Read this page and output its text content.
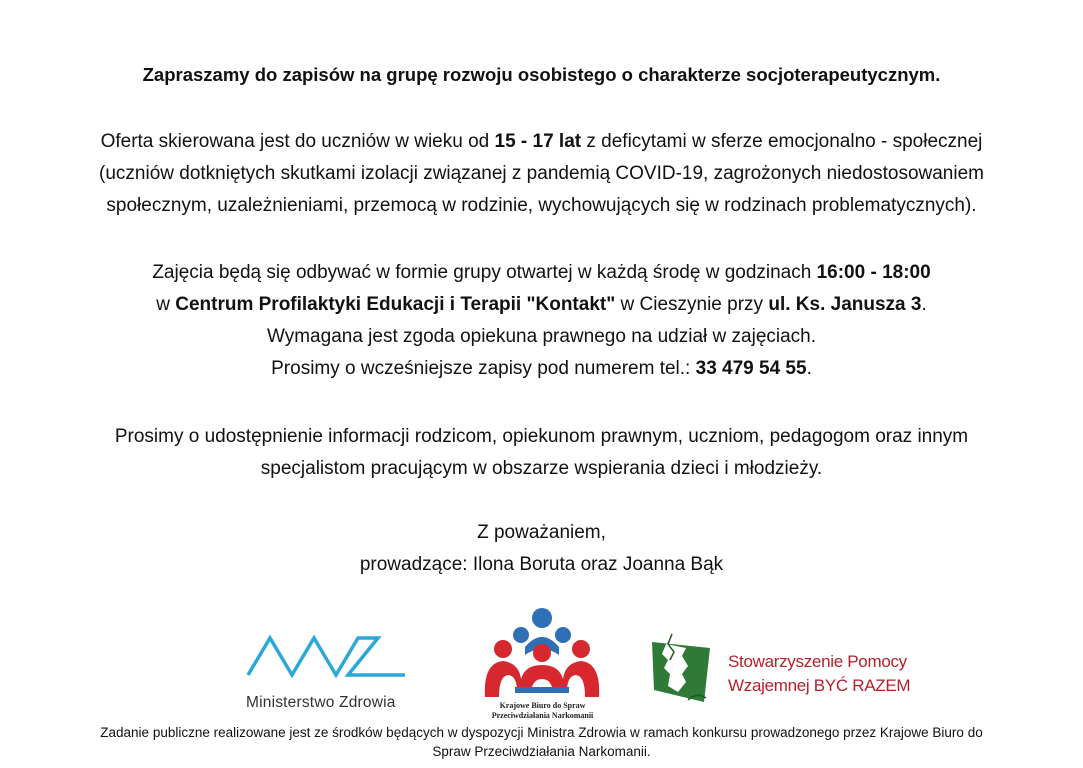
Zapraszamy do zapisów na grupę rozwoju osobistego o charakterze socjoterapeutycznym.
Oferta skierowana jest do uczniów w wieku od 15 - 17 lat z deficytami w sferze emocjonalno - społecznej
(uczniów dotkniętych skutkami izolacji związanej z pandemią COVID-19, zagrożonych niedostosowaniem
społecznym, uzależnieniami, przemocą w rodzinie, wychowujących się w rodzinach problematycznych).
Zajęcia będą się odbywać w formie grupy otwartej w każdą środę w godzinach 16:00 - 18:00
w Centrum Profilaktyki Edukacji i Terapii "Kontakt" w Cieszynie przy ul. Ks. Janusza 3.
Wymagana jest zgoda opiekuna prawnego na udział w zajęciach.
Prosimy o wcześniejsze zapisy pod numerem tel.: 33 479 54 55.
Prosimy o udostępnienie informacji rodzicom, opiekunom prawnym, uczniom, pedagogom oraz innym
specjalistom pracującym w obszarze wspierania dzieci i młodzieży.
Z poważaniem,
prowadzące: Ilona Boruta oraz Joanna Bąk
Ministerstwo Zdrowia	Krajowe Biuro do Spraw
Przeciwdziałania Narkomanii
Stowarzyszenie Pomocy
Wzajemnej BYĆ RAZEM
Zadanie publiczne realizowane jest ze środków będących w dyspozycji Ministra Zdrowia w ramach konkursu prowadzonego przez Krajowe Biuro do
Spraw Przeciwdziałania Narkomanii.
